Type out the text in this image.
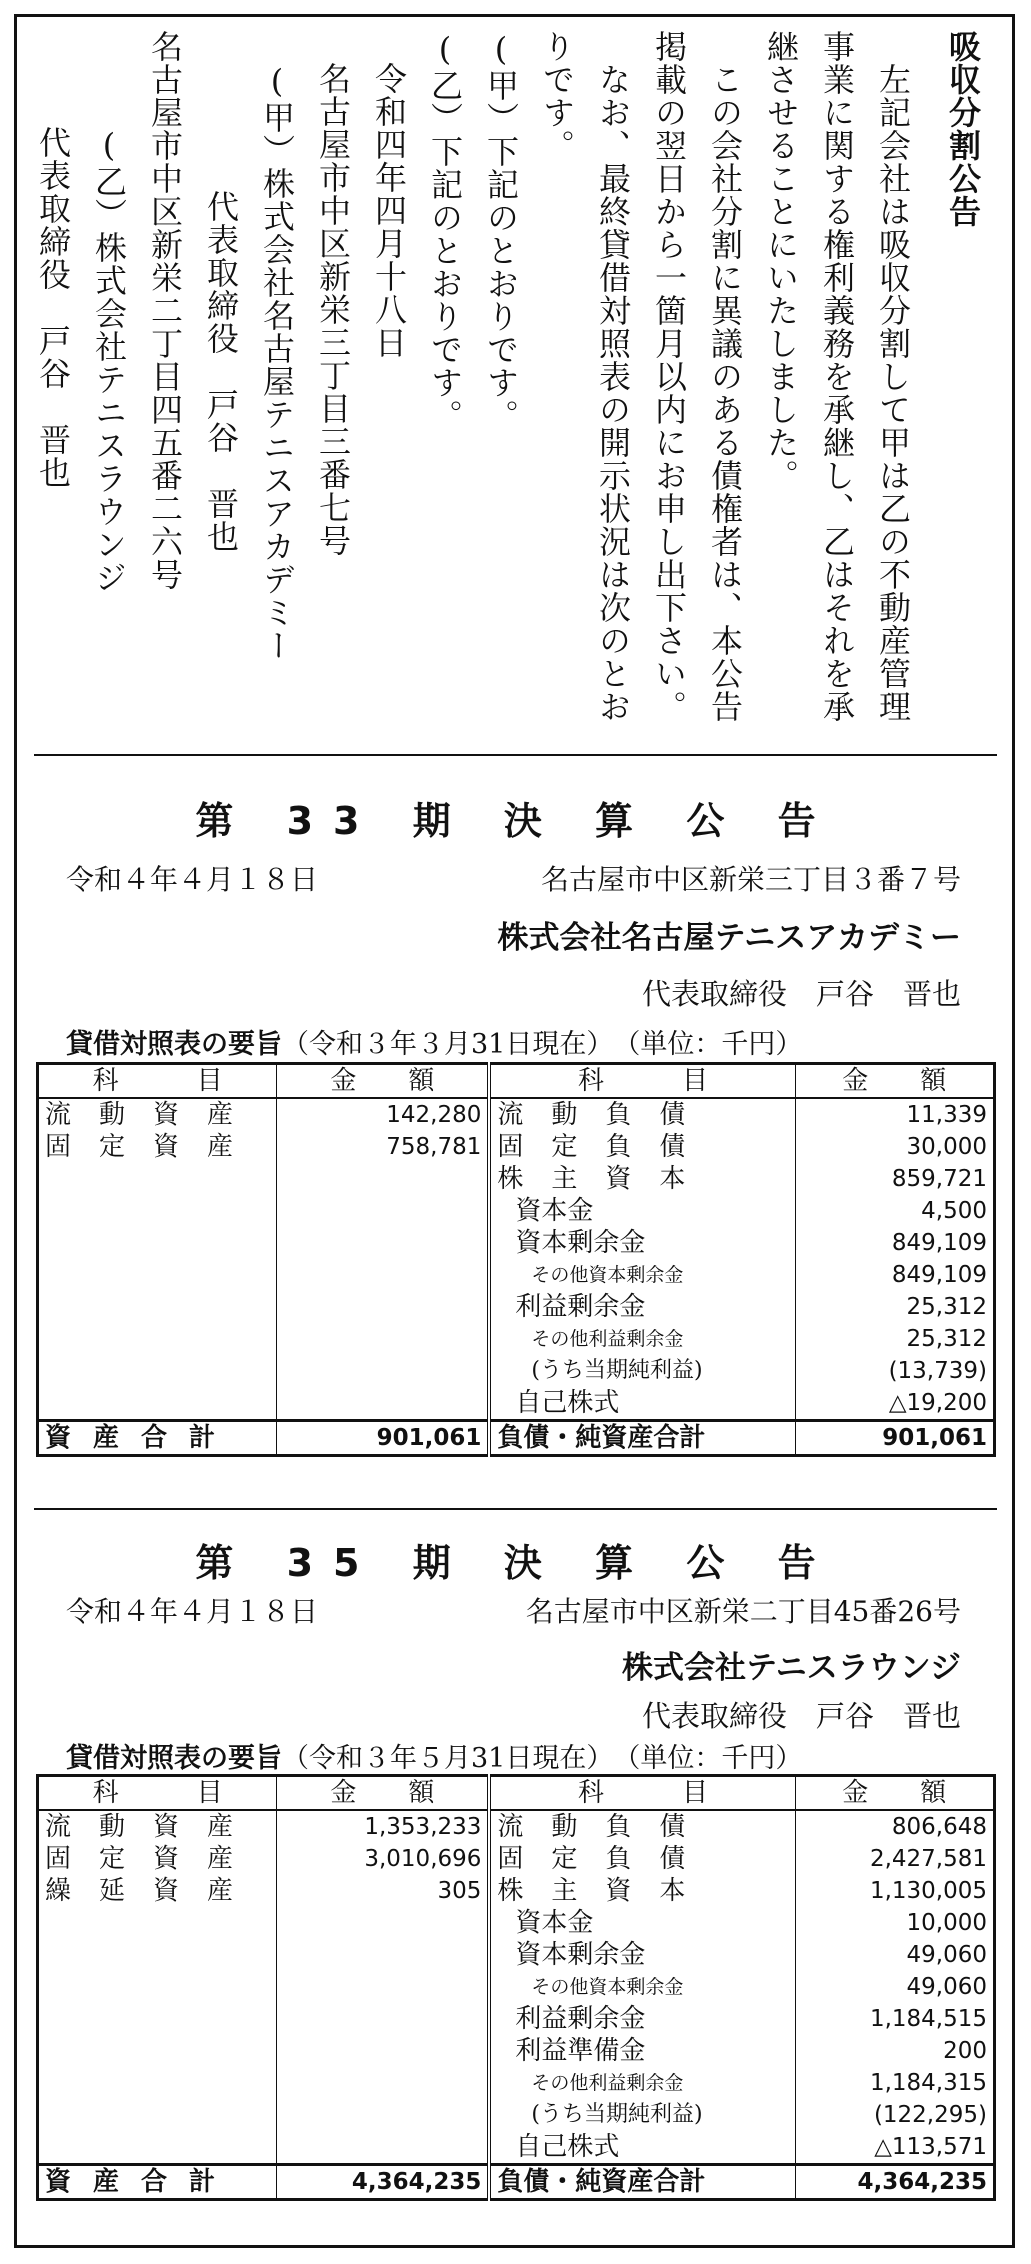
吸収分割公告

　左記会社は吸収分割して甲は乙の不動産管理事業に関する権利義務を承継し、乙はそれを承継させることにいたしました。

　この会社分割に異議のある債権者は、本公告掲載の翌日から一箇月以内にお申し出下さい。

　なお、最終貸借対照表の開示状況は次のとおりです。

(甲）下記のとおりです。

(乙）下記のとおりです。

令和四年四月十八日

名古屋市中区新栄三丁目三番七号

(甲）株式会社名古屋テニスアカデミー

代表取締役　戸谷　晋也

名古屋市中区新栄二丁目四五番二六号

(乙）株式会社テニスラウンジ

代表取締役　戸谷　晋也

第 33 期 決 算 公 告
令和４年４月１８日	名古屋市中区新栄三丁目３番７号
株式会社名古屋テニスアカデミー
代表取締役　戸谷　晋也
貸借対照表の要旨（令和３年３月31日現在）　 （単位：千円）
科　　　目	金　　額	科　　　目	金　　額
流動資産	142,280	流動負債	11,339
固定資産	758,781	固定負債	30,000
		株主資本	859,721
		資本金	4,500
		資本剰余金	849,109
		その他資本剰余金	849,109
		利益剰余金	25,312
		その他利益剰余金	25,312
		(うち当期純利益)	(13,739)
		自己株式	△19,200
資産合計	901,061	負債・純資産合計	901,061
第 35 期 決 算 公 告
令和４年４月１８日	名古屋市中区新栄二丁目45番26号
株式会社テニスラウンジ
代表取締役　戸谷　晋也
貸借対照表の要旨（令和３年５月31日現在）　 （単位：千円）
科　　　目	金　　額	科　　　目	金　　額
流動資産	1,353,233	流動負債	806,648
固定資産	3,010,696	固定負債	2,427,581
繰延資産	305	株主資本	1,130,005
		資本金	10,000
		資本剰余金	49,060
		その他資本剰余金	49,060
		利益剰余金	1,184,515
		利益準備金	200
		その他利益剰余金	1,184,315
		(うち当期純利益)	(122,295)
		自己株式	△113,571
資産合計	4,364,235	負債・純資産合計	4,364,235
